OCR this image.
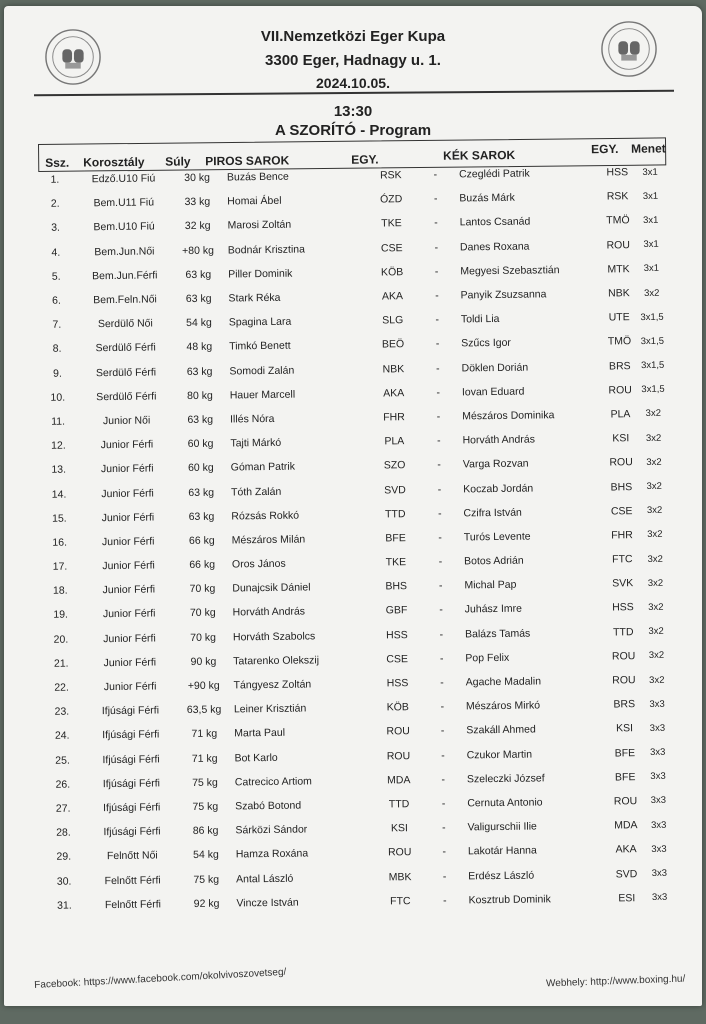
VII.Nemzetközi Eger Kupa
3300 Eger, Hadnagy u. 1.
2024.10.05.
13:30
A SZORÍTÓ - Program
Ssz. Korosztály Súly PIROS SAROK	EGY.	KÉK SAROK	EGY. Menet
1.	Edző.U10 Fiú	30 kg	Buzás Bence	RSK	-	Czeglédi Patrik	HSS	3x1
2.	Bem.U11 Fiú	33 kg	Homai Ábel	ÓZD	-	Buzás Márk	RSK	3x1
3.	Bem.U10 Fiú	32 kg	Marosi Zoltán	TKE	-	Lantos Csanád	TMÖ	3x1
4.	Bem.Jun.Női	+80 kg	Bodnár Krisztina	CSE	-	Danes Roxana	ROU	3x1
5.	Bem.Jun.Férfi	63 kg	Piller Dominik	KÖB	-	Megyesi Szebasztián	MTK	3x1
6.	Bem.Feln.Női	63 kg	Stark Réka	AKA	-	Panyik Zsuzsanna	NBK	3x2
7.	Serdülő Női	54 kg	Spagina Lara	SLG	-	Toldi Lia	UTE	3x1,5
8.	Serdülő Férfi	48 kg	Timkó Benett	BEÖ	-	Szűcs Igor	TMÖ	3x1,5
9.	Serdülő Férfi	63 kg	Somodi Zalán	NBK	-	Döklen Dorián	BRS	3x1,5
10.	Serdülő Férfi	80 kg	Hauer Marcell	AKA	-	Iovan Eduard	ROU	3x1,5
11.	Junior Női	63 kg	Illés Nóra	FHR	-	Mészáros Dominika	PLA	3x2
12.	Junior Férfi	60 kg	Tajti Márkó	PLA	-	Horváth András	KSI	3x2
13.	Junior Férfi	60 kg	Góman Patrik	SZO	-	Varga Rozvan	ROU	3x2
14.	Junior Férfi	63 kg	Tóth Zalán	SVD	-	Koczab Jordán	BHS	3x2
15.	Junior Férfi	63 kg	Rózsás Rokkó	TTD	-	Czifra István	CSE	3x2
16.	Junior Férfi	66 kg	Mészáros Milán	BFE	-	Turós Levente	FHR	3x2
17.	Junior Férfi	66 kg	Oros János	TKE	-	Botos Adrián	FTC	3x2
18.	Junior Férfi	70 kg	Dunajcsik Dániel	BHS	-	Michal Pap	SVK	3x2
19.	Junior Férfi	70 kg	Horváth András	GBF	-	Juhász Imre	HSS	3x2
20.	Junior Férfi	70 kg	Horváth Szabolcs	HSS	-	Balázs Tamás	TTD	3x2
21.	Junior Férfi	90 kg	Tatarenko Olekszij	CSE	-	Pop Felix	ROU	3x2
22.	Junior Férfi	+90 kg	Tángyesz Zoltán	HSS	-	Agache Madalin	ROU	3x2
23.	Ifjúsági Férfi	63,5 kg	Leiner Krisztián	KÖB	-	Mészáros Mirkó	BRS	3x3
24.	Ifjúsági Férfi	71 kg	Marta Paul	ROU	-	Szakáll Ahmed	KSI	3x3
25.	Ifjúsági Férfi	71 kg	Bot Karlo	ROU	-	Czukor Martin	BFE	3x3
26.	Ifjúsági Férfi	75 kg	Catrecico Artiom	MDA	-	Szeleczki József	BFE	3x3
27.	Ifjúsági Férfi	75 kg	Szabó Botond	TTD	-	Cernuta Antonio	ROU	3x3
28.	Ifjúsági Férfi	86 kg	Sárközi Sándor	KSI	-	Valigurschii Ilie	MDA	3x3
29.	Felnőtt Női	54 kg	Hamza Roxána	ROU	-	Lakotár Hanna	AKA	3x3
30.	Felnőtt Férfi	75 kg	Antal László	MBK	-	Erdész László	SVD	3x3
31.	Felnőtt Férfi	92 kg	Vincze István	FTC	-	Kosztrub Dominik	ESI	3x3
Facebook: https://www.facebook.com/okolvivoszovetseg/	Webhely: http://www.boxing.hu/
